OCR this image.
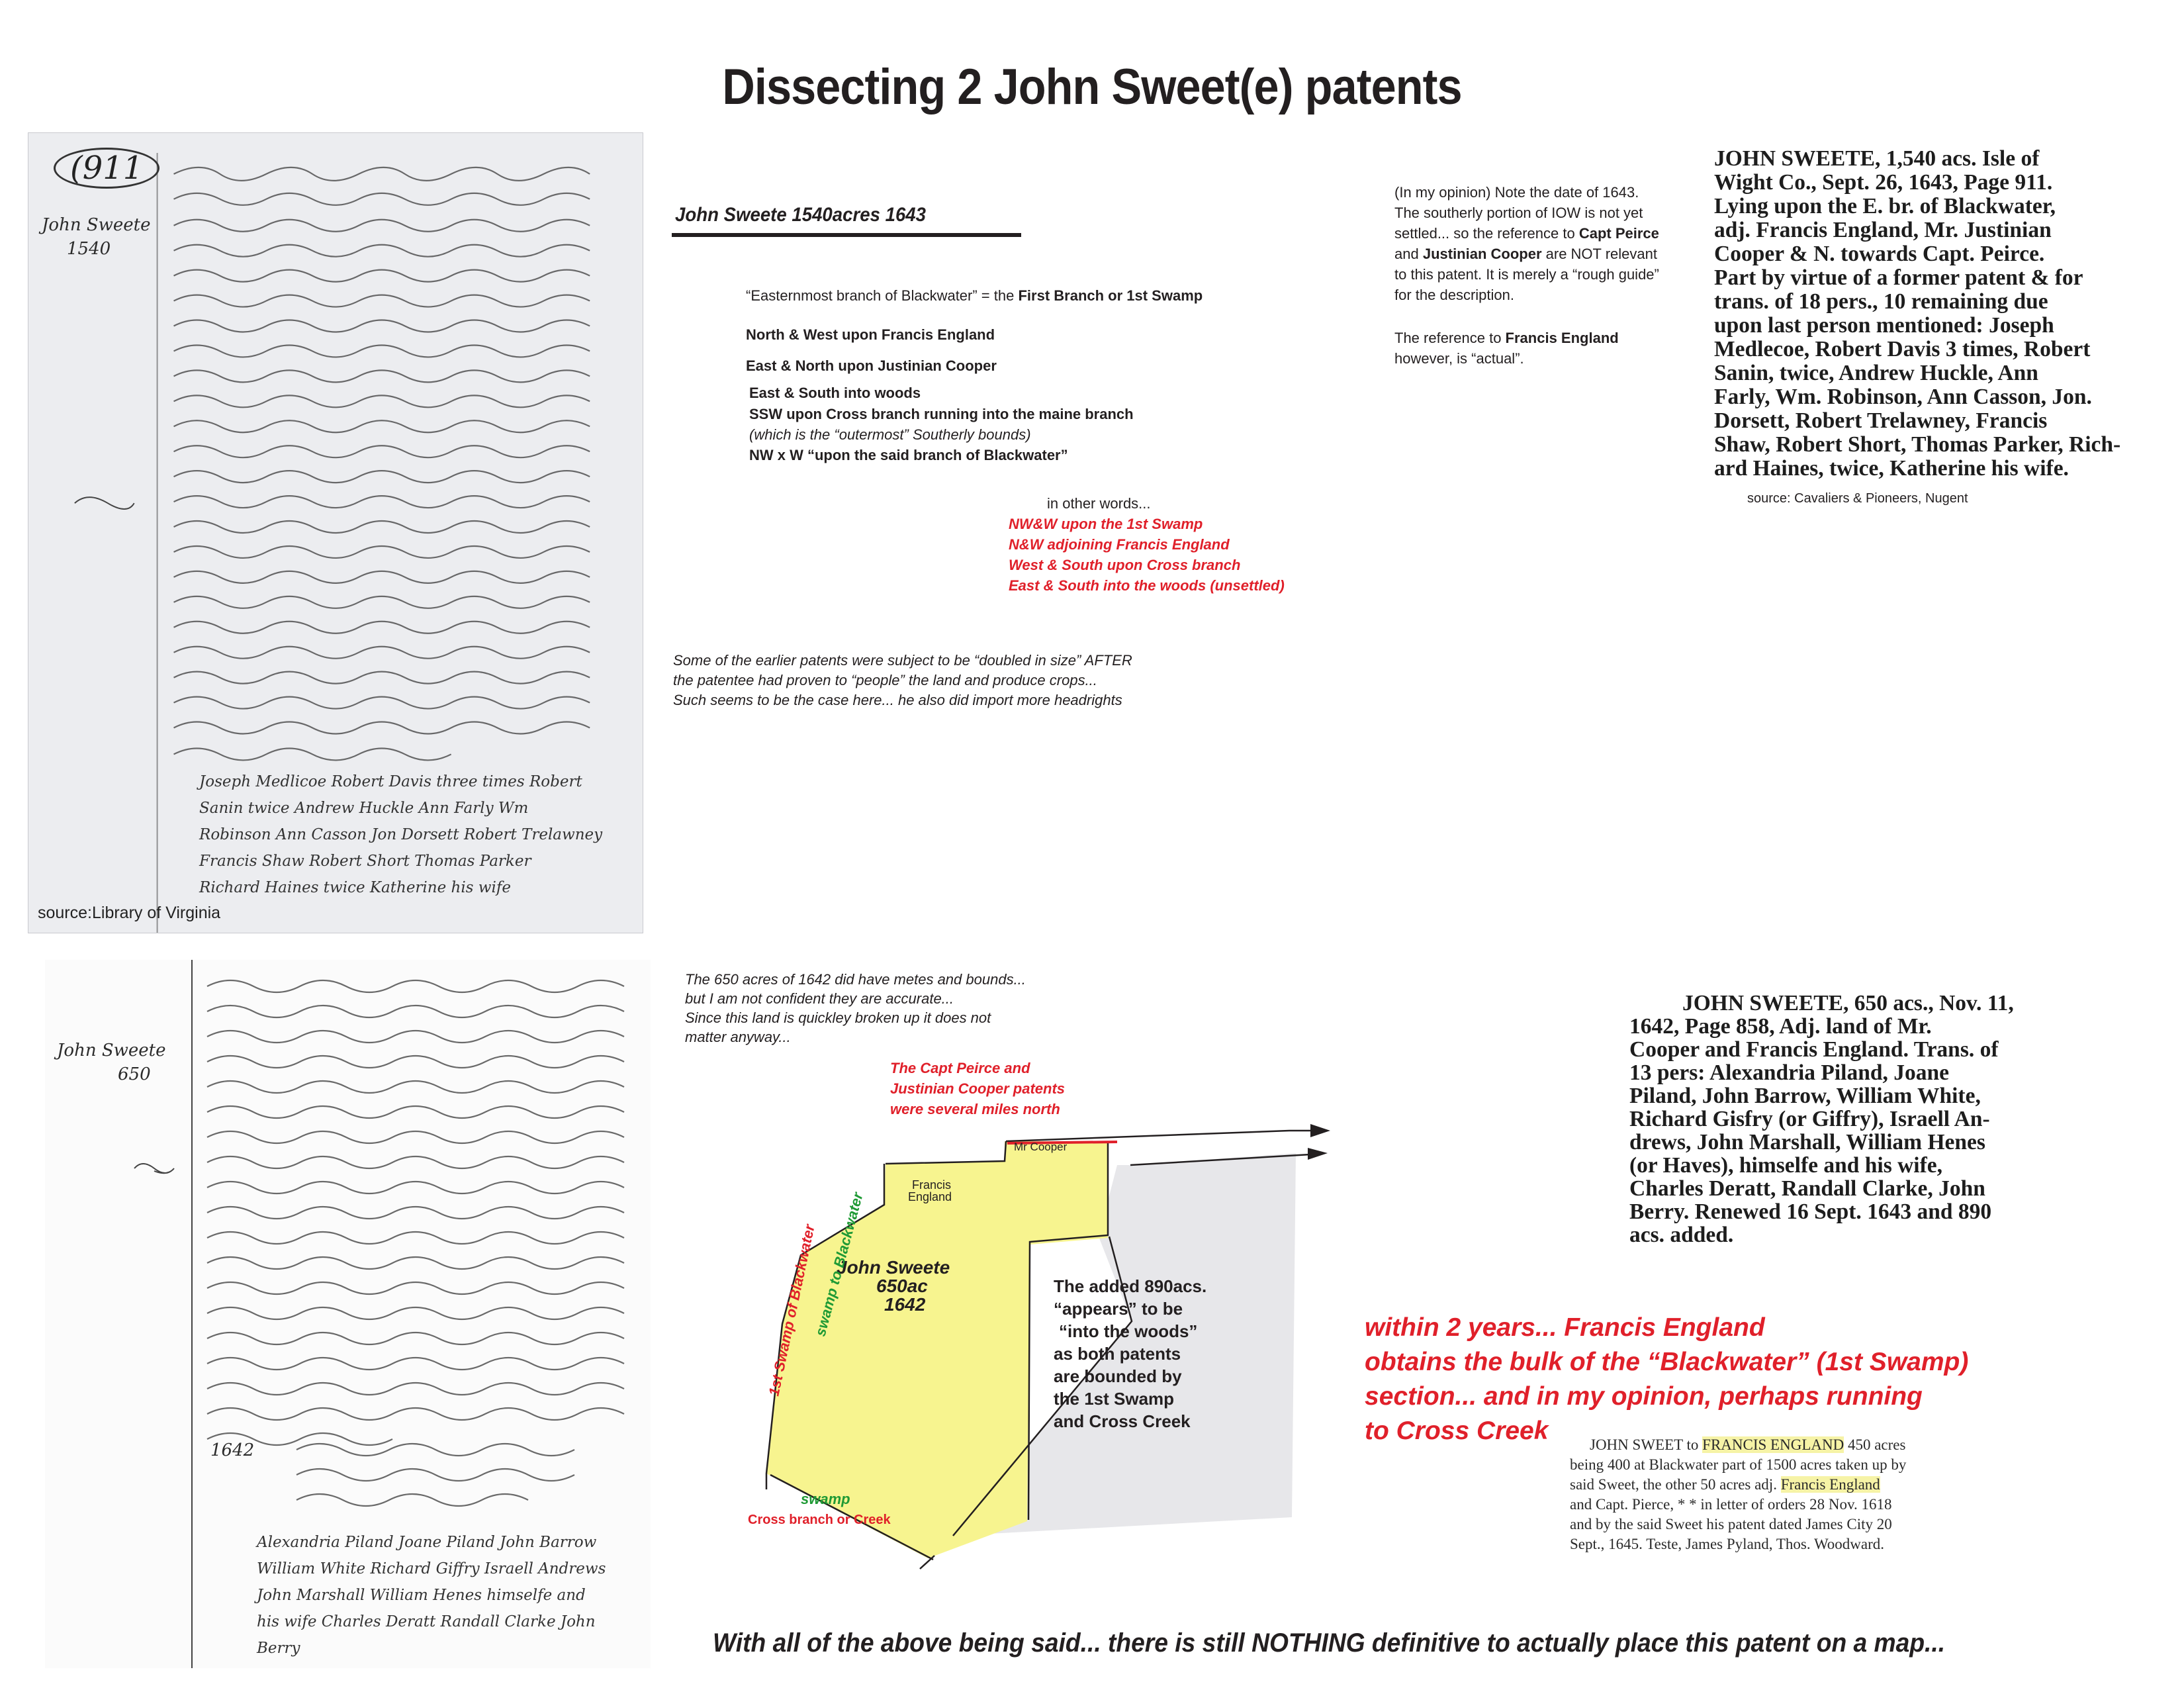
Dissecting 2 John Sweet(e) patents
(911
John Sweete
1540
Joseph Medlicoe Robert Davis three times Robert
Sanin twice Andrew Huckle Ann Farly Wm
Robinson Ann Casson Jon Dorsett Robert Trelawney
Francis Shaw Robert Short Thomas Parker
Richard Haines twice Katherine his wife
source:Library of Virginia
John Sweete
650
1642
Alexandria Piland Joane Piland John Barrow
William White Richard Giffry Israell Andrews
John Marshall William Henes himselfe and
his wife Charles Deratt Randall Clarke John
Berry
John Sweete 1540acres 1643
“Easternmost branch of Blackwater” = the First Branch or 1st Swamp
North & West upon Francis England
East & North upon Justinian Cooper
East & South into woods
SSW upon Cross branch running into the maine branch
(which is the “outermost” Southerly bounds)
NW x W “upon the said branch of Blackwater”
in other words...
NW&W upon the 1st Swamp
N&W adjoining Francis England
West & South upon Cross branch
East & South into the woods (unsettled)
Some of the earlier patents were subject to be “doubled in size” AFTER
the patentee had proven to “people” the land and produce crops...
Such seems to be the case here... he also did import more headrights
(In my opinion) Note the date of 1643.
The southerly portion of IOW is not yet
settled... so the reference to Capt Peirce
and Justinian Cooper are NOT relevant
to this patent. It is merely a “rough guide”
for the description.
The reference to Francis England
however, is “actual”.
JOHN SWEETE, 1,540 acs. Isle of
Wight Co., Sept. 26, 1643, Page 911.
Lying upon the E. br. of Blackwater,
adj. Francis England, Mr. Justinian
Cooper & N. towards Capt. Peirce.
Part by virtue of a former patent & for
trans. of 18 pers., 10 remaining due
upon last person mentioned: Joseph
Medlecoe, Robert Davis 3 times, Robert
Sanin, twice, Andrew Huckle, Ann
Farly, Wm. Robinson, Ann Casson, Jon.
Dorsett, Robert Trelawney, Francis
Shaw, Robert Short, Thomas Parker, Rich-
ard Haines, twice, Katherine his wife.
source: Cavaliers & Pioneers, Nugent
The 650 acres of 1642 did have metes and bounds...
but I am not confident they are accurate...
Since this land is quickley broken up it does not
matter anyway...
The Capt Peirce and
Justinian Cooper patents
were several miles north
Mr Cooper
Francis
England
John Sweete
650ac
1642
1st Swamp of Blackwater
swamp to Blackwater
swamp
Cross branch or Creek
The added 890acs.
“appears” to be
“into the woods”
as both patents
are bounded by
the 1st Swamp
and Cross Creek
JOHN SWEETE, 650 acs., Nov. 11,
1642, Page 858, Adj. land of Mr.
Cooper and Francis England. Trans. of
13 pers: Alexandria Piland, Joane
Piland, John Barrow, William White,
Richard Gisfry (or Giffry), Israell An-
drews, John Marshall, William Henes
(or Haves), himselfe and his wife,
Charles Deratt, Randall Clarke, John
Berry. Renewed 16 Sept. 1643 and 890
acs. added.
within 2 years... Francis England
obtains the bulk of the “Blackwater” (1st Swamp)
section... and in my opinion, perhaps running
to Cross Creek	JOHN SWEET to FRANCIS ENGLAND 450 acres
being 400 at Blackwater part of 1500 acres taken up by
said Sweet, the other 50 acres adj. Francis England
and Capt. Pierce, * * in letter of orders 28 Nov. 1618
and by the said Sweet his patent dated James City 20
Sept., 1645. Teste, James Pyland, Thos. Woodward.
With all of the above being said... there is still NOTHING definitive to actually place this patent on a map...
